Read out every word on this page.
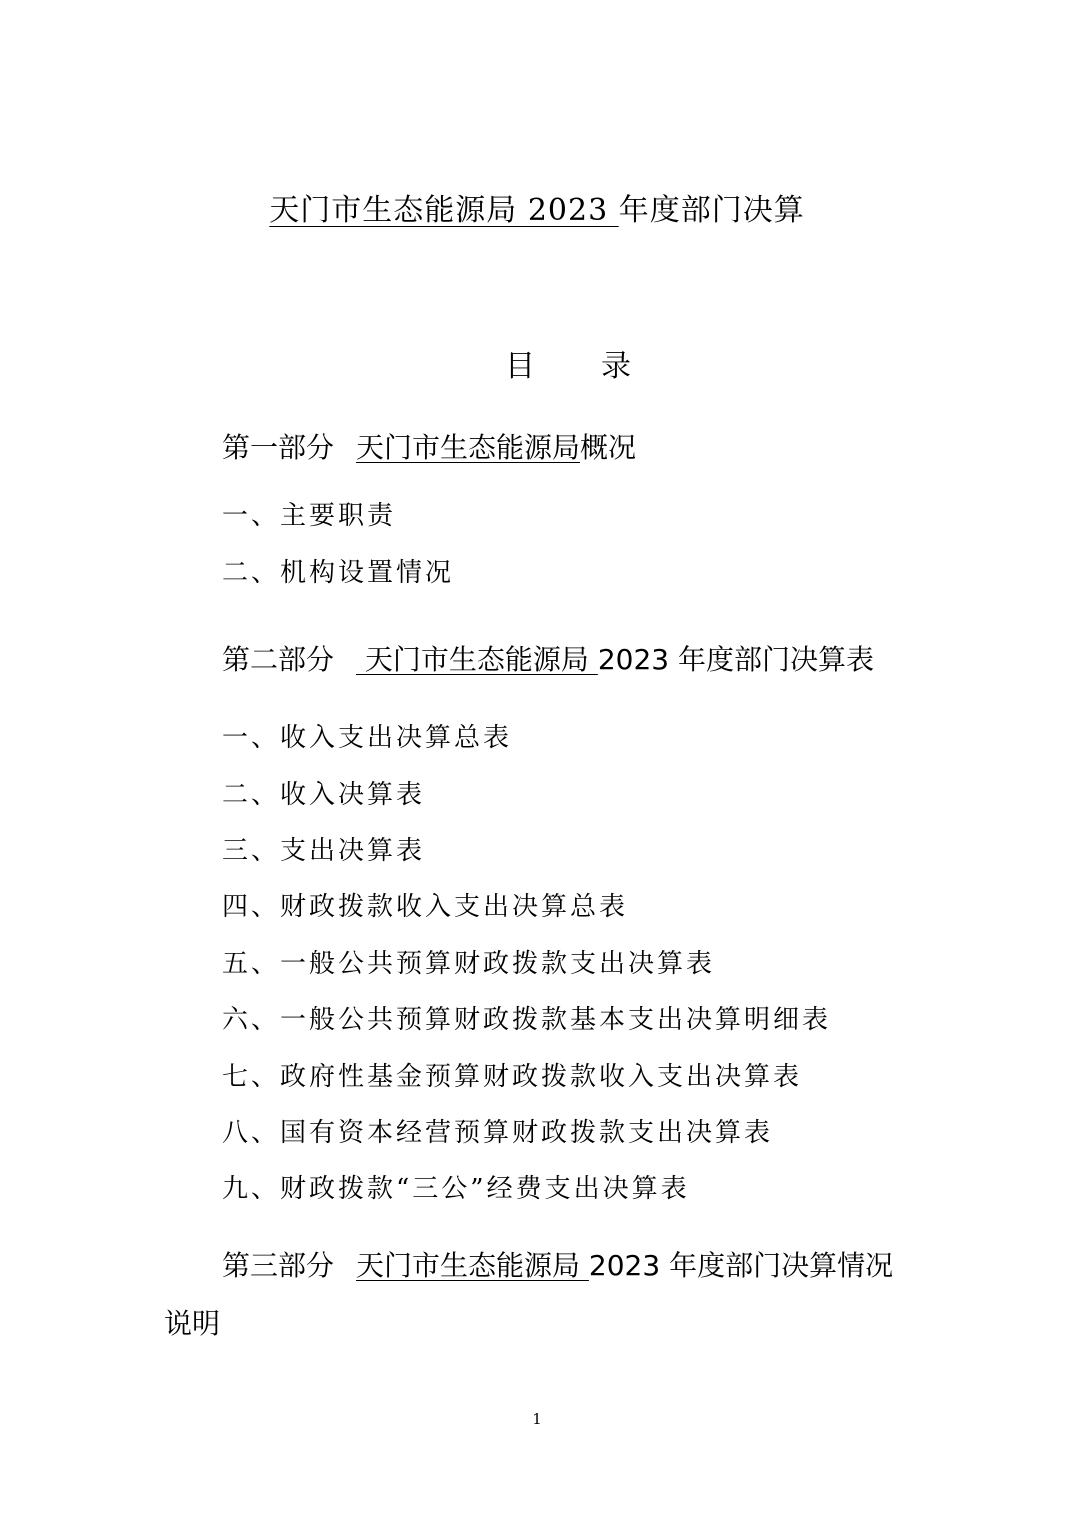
天门市生态能源局 2023 年度部门决算
目 录
第一部分 天门市生态能源局概况
一、主要职责
二、机构设置情况
第二部分 天门市生态能源局 2023 年度部门决算表
一、收入支出决算总表
二、收入决算表
三、支出决算表
四、财政拨款收入支出决算总表
五、一般公共预算财政拨款支出决算表
六、一般公共预算财政拨款基本支出决算明细表
七、政府性基金预算财政拨款收入支出决算表
八、国有资本经营预算财政拨款支出决算表
九、财政拨款“三公”经费支出决算表
第三部分 天门市生态能源局 2023 年度部门决算情况
说明
1
